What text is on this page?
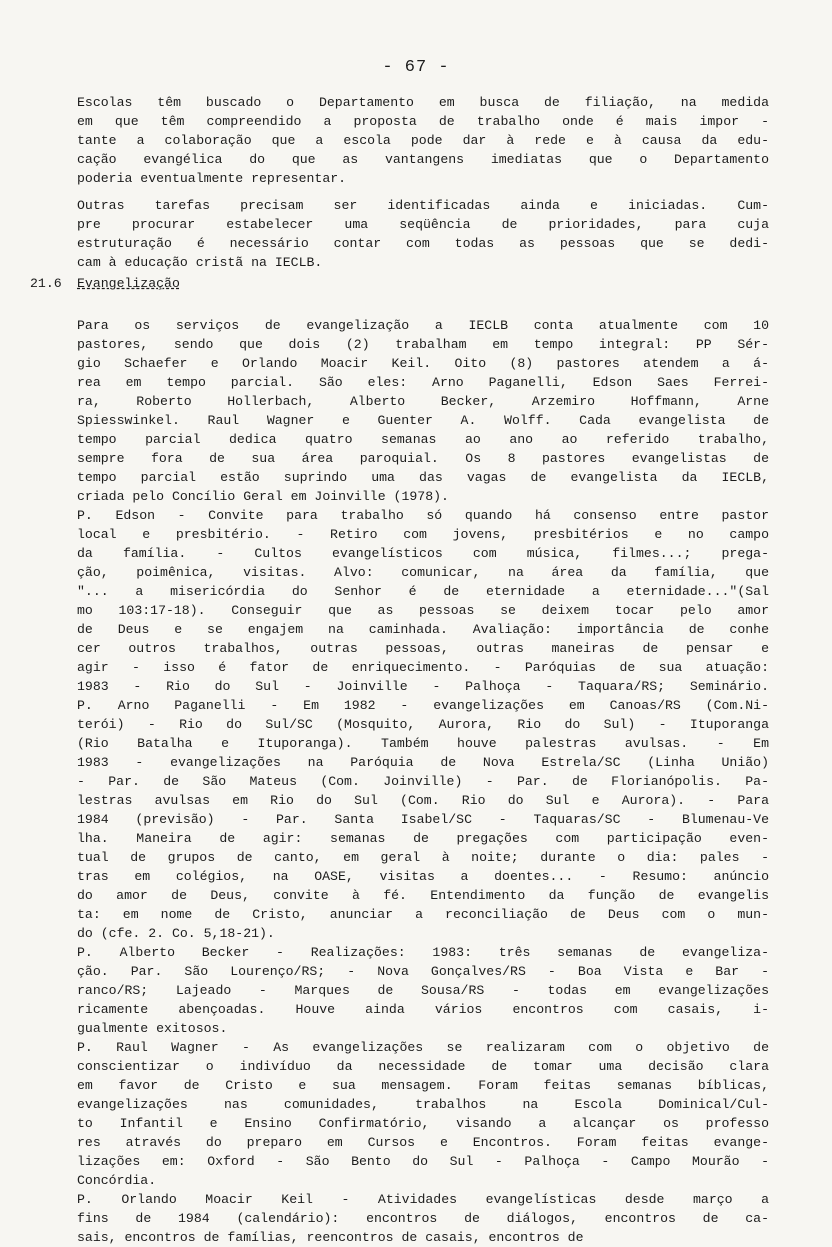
- 67 -
Escolas têm buscado o Departamento em busca de filiação, na medida
em que têm compreendido a proposta de trabalho onde é mais impor -
tante a colaboração que a escola pode dar à rede e à causa da edu-
cação evangélica do que as vantangens imediatas que o Departamento
poderia eventualmente representar.
Outras tarefas precisam ser identificadas ainda e iniciadas. Cum-
pre procurar estabelecer uma seqüência de prioridades, para cuja
estruturação é necessário contar com todas as pessoas que se dedi-
cam à educação cristã na IECLB.
21.6 Evangelização
Para os serviços de evangelização a IECLB conta atualmente com 10
pastores, sendo que dois (2) trabalham em tempo integral: PP Sér-
gio Schaefer e Orlando Moacir Keil. Oito (8) pastores atendem a á-
rea em tempo parcial. São eles: Arno Paganelli, Edson Saes Ferrei-
ra, Roberto Hollerbach, Alberto Becker, Arzemiro Hoffmann, Arne
Spiesswinkel. Raul Wagner e Guenter A. Wolff. Cada evangelista de
tempo parcial dedica quatro semanas ao ano ao referido trabalho,
sempre fora de sua área paroquial. Os 8 pastores evangelistas de
tempo parcial estão suprindo uma das vagas de evangelista da IECLB,
criada pelo Concílio Geral em Joinville (1978).
P. Edson - Convite para trabalho só quando há consenso entre pastor
local e presbitério. - Retiro com jovens, presbitérios e no campo
da família. - Cultos evangelísticos com música, filmes...; prega-
ção, poimênica, visitas. Alvo: comunicar, na área da família, que
"... a misericórdia do Senhor é de eternidade a eternidade..."(Sal
mo 103:17-18). Conseguir que as pessoas se deixem tocar pelo amor
de Deus e se engajem na caminhada. Avaliação: importância de conhe
cer outros trabalhos, outras pessoas, outras maneiras de pensar e
agir - isso é fator de enriquecimento. - Paróquias de sua atuação:
1983 - Rio do Sul - Joinville - Palhoça - Taquara/RS; Seminário.
P. Arno Paganelli - Em 1982 - evangelizações em Canoas/RS (Com.Ni-
terói) - Rio do Sul/SC (Mosquito, Aurora, Rio do Sul) - Ituporanga
(Rio Batalha e Ituporanga). Também houve palestras avulsas. - Em
1983 - evangelizações na Paróquia de Nova Estrela/SC (Linha União)
- Par. de São Mateus (Com. Joinville) - Par. de Florianópolis. Pa-
lestras avulsas em Rio do Sul (Com. Rio do Sul e Aurora). - Para
1984 (previsão) - Par. Santa Isabel/SC - Taquaras/SC - Blumenau-Ve
lha. Maneira de agir: semanas de pregações com participação even-
tual de grupos de canto, em geral à noite; durante o dia: pales -
tras em colégios, na OASE, visitas a doentes... - Resumo: anúncio
do amor de Deus, convite à fé. Entendimento da função de evangelis
ta: em nome de Cristo, anunciar a reconciliação de Deus com o mun-
do (cfe. 2. Co. 5,18-21).
P. Alberto Becker - Realizações: 1983: três semanas de evangeliza-
ção. Par. São Lourenço/RS; - Nova Gonçalves/RS - Boa Vista e Bar -
ranco/RS; Lajeado - Marques de Sousa/RS - todas em evangelizações
ricamente abençoadas. Houve ainda vários encontros com casais, i-
gualmente exitosos.
P. Raul Wagner - As evangelizações se realizaram com o objetivo de
conscientizar o indivíduo da necessidade de tomar uma decisão clara
em favor de Cristo e sua mensagem. Foram feitas semanas bíblicas,
evangelizações nas comunidades, trabalhos na Escola Dominical/Cul-
to Infantil e Ensino Confirmatório, visando a alcançar os professo
res através do preparo em Cursos e Encontros. Foram feitas evange-
lizações em: Oxford - São Bento do Sul - Palhoça - Campo Mourão -
Concórdia.
P. Orlando Moacir Keil - Atividades evangelísticas desde março a
fins de 1984 (calendário): encontros de diálogos, encontros de ca-
sais, encontros de famílias, reencontros de casais, encontros de
